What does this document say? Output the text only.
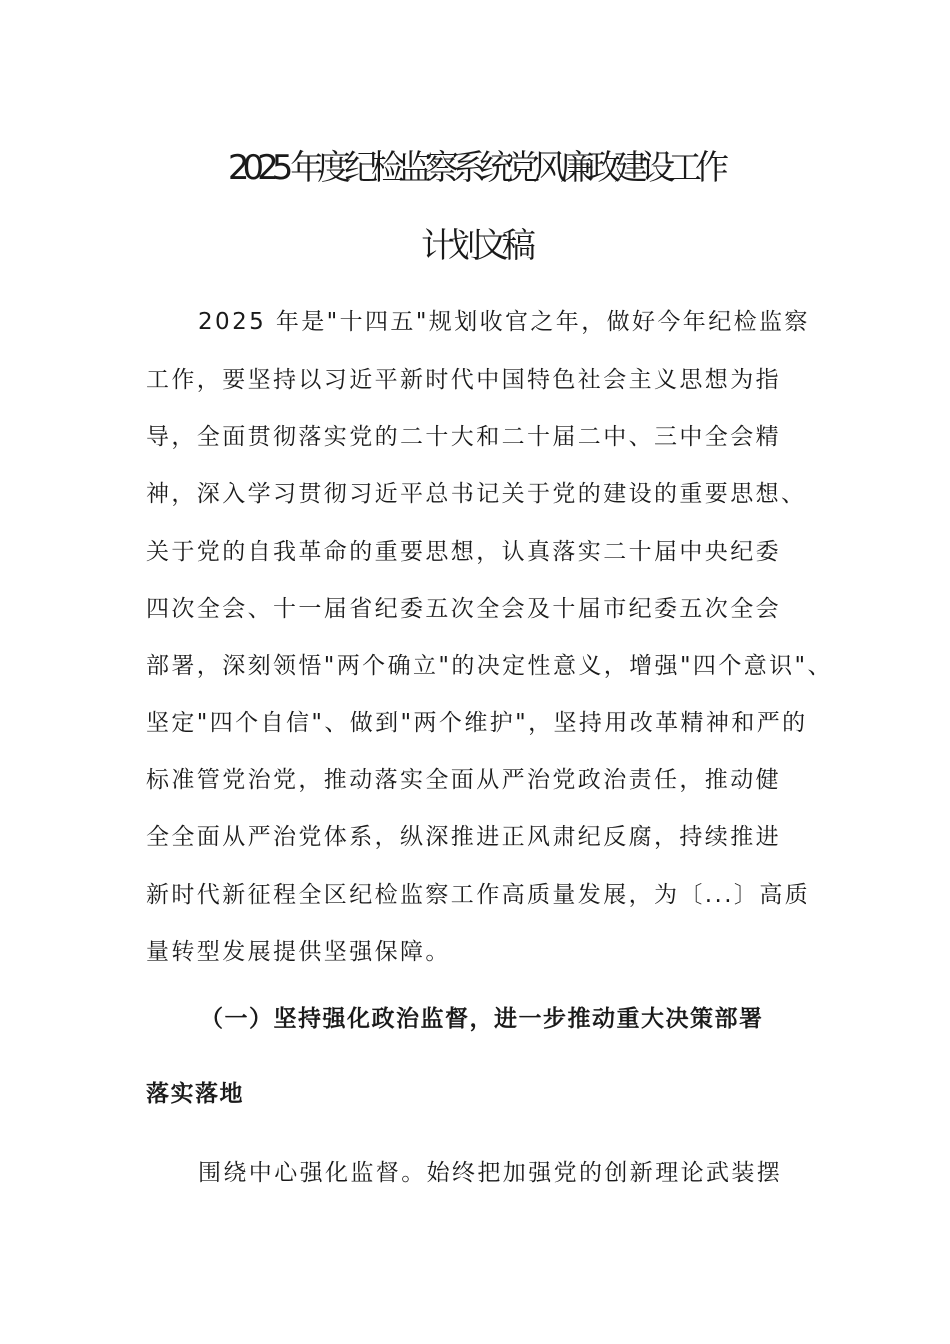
2025 年度纪检监察系统党风廉政建设工作
计划文稿
2025 年是"十四五"规划收官之年，做好今年纪检监察
工作，要坚持以习近平新时代中国特色社会主义思想为指
导，全面贯彻落实党的二十大和二十届二中、三中全会精
神，深入学习贯彻习近平总书记关于党的建设的重要思想、
关于党的自我革命的重要思想，认真落实二十届中央纪委
四次全会、十一届省纪委五次全会及十届市纪委五次全会
部署，深刻领悟"两个确立"的决定性意义，增强"四个意识"、
坚定"四个自信"、做到"两个维护"，坚持用改革精神和严的
标准管党治党，推动落实全面从严治党政治责任，推动健
全全面从严治党体系，纵深推进正风肃纪反腐，持续推进
新时代新征程全区纪检监察工作高质量发展，为〔...〕高质
量转型发展提供坚强保障。
（一）坚持强化政治监督，进一步推动重大决策部署
落实落地
围绕中心强化监督。始终把加强党的创新理论武装摆
